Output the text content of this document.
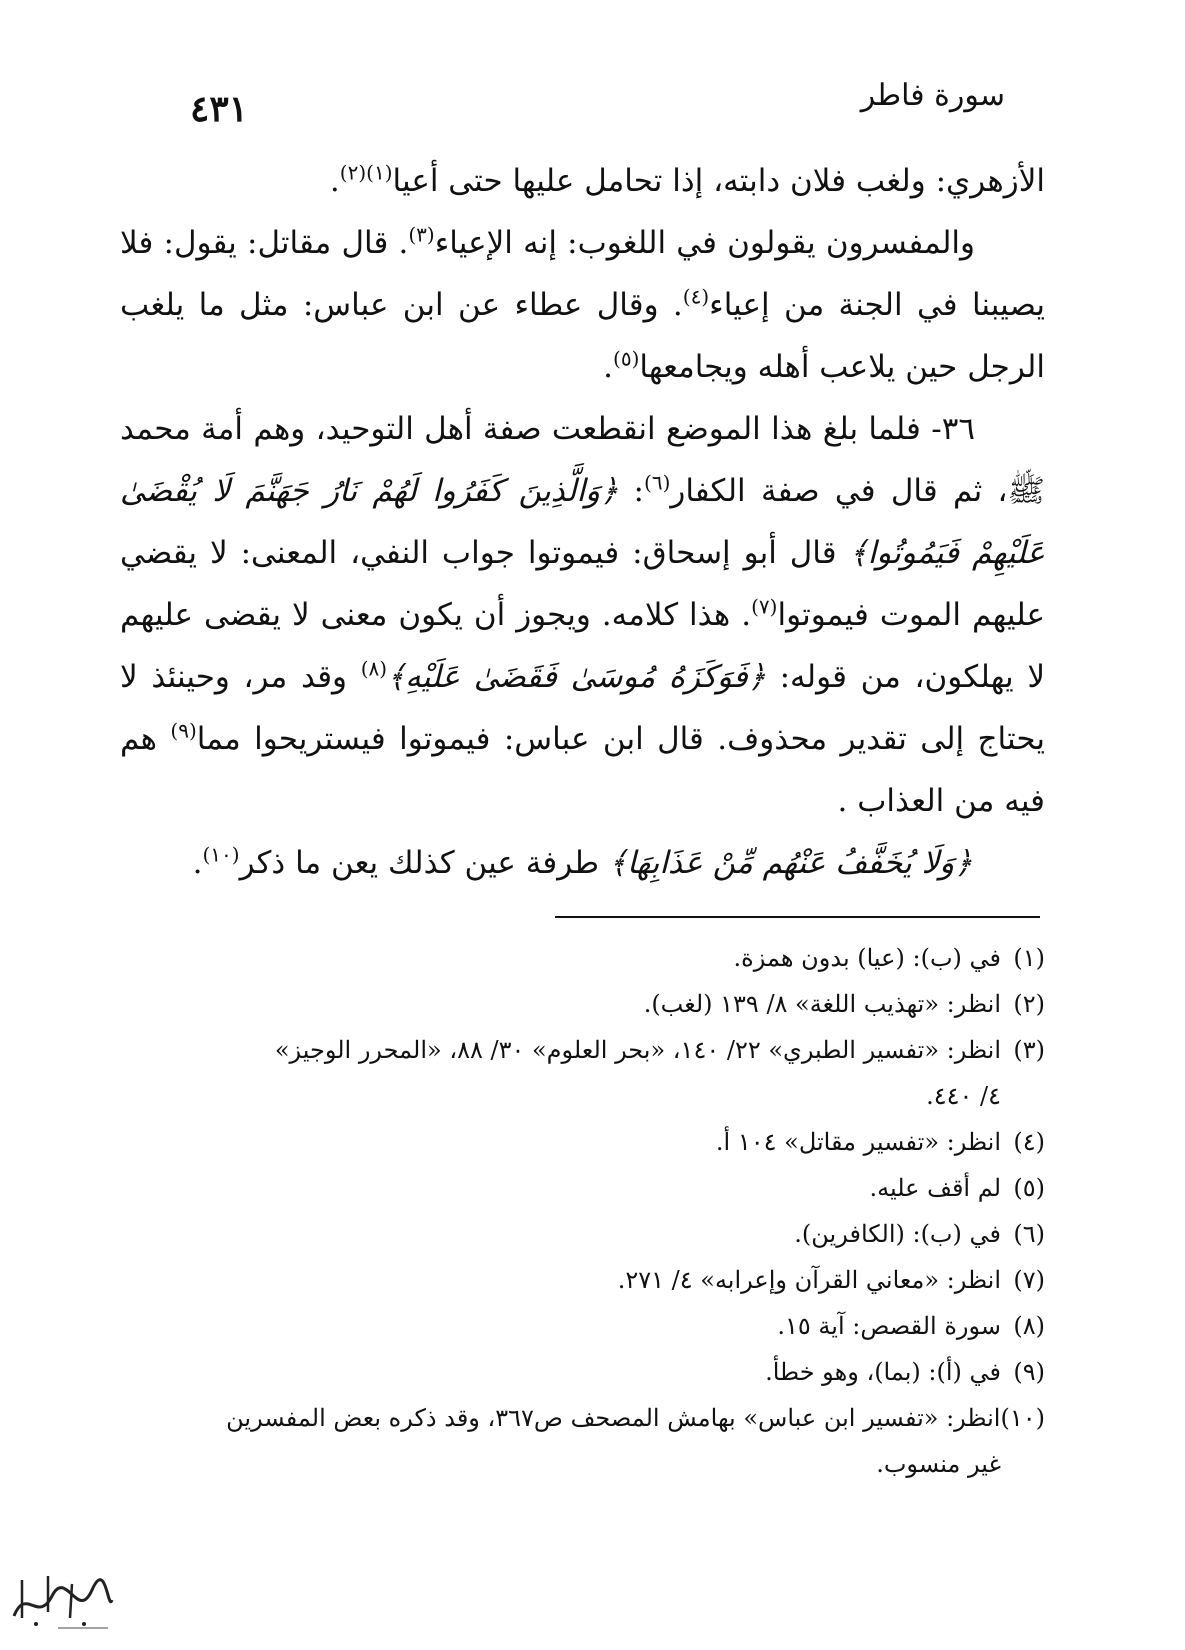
سورة فاطر
٤٣١

الأزهري: ولغب فلان دابته، إذا تحامل عليها حتى أعيا$^{(١)(٢)}$.

والمفسرون يقولون في اللغوب: إنه الإعياء$^{(٣)}$. قال مقاتل: يقول: فلا يصيبنا في الجنة من إعياء$^{(٤)}$. وقال عطاء عن ابن عباس: مثل ما يلغب الرجل حين يلاعب أهله ويجامعها$^{(٥)}$.

٣٦- فلما بلغ هذا الموضع انقطعت صفة أهل التوحيد، وهم أمة محمد ﷺ، ثم قال في صفة الكفار$^{(٦)}$: ﴿وَالَّذِينَ كَفَرُوا لَهُمْ نَارُ جَهَنَّمَ لَا يُقْضَىٰ عَلَيْهِمْ فَيَمُوتُوا﴾ قال أبو إسحاق: فيموتوا جواب النفي، المعنى: لا يقضي عليهم الموت فيموتوا$^{(٧)}$. هذا كلامه. ويجوز أن يكون معنى لا يقضى عليهم لا يهلكون، من قوله: ﴿فَوَكَزَهُ مُوسَىٰ فَقَضَىٰ عَلَيْهِ﴾$^{(٨)}$ وقد مر، وحينئذ لا يحتاج إلى تقدير محذوف. قال ابن عباس: فيموتوا فيستريحوا مما$^{(٩)}$ هم فيه من العذاب .

﴿وَلَا يُخَفَّفُ عَنْهُم مِّنْ عَذَابِهَا﴾ طرفة عين كذلك يعن ما ذكر$^{(١٠)}$.

(١)في (ب): (عيا) بدون همزة.

(٢)انظر: «تهذيب اللغة» ٨/ ١٣٩ (لغب).

(٣)انظر: «تفسير الطبري» ٢٢/ ١٤٠، «بحر العلوم» ٣٠/ ٨٨، «المحرر الوجيز»

٤/ ٤٤٠.

(٤)انظر: «تفسير مقاتل» ١٠٤ أ.

(٥)لم أقف عليه.

(٦)في (ب): (الكافرين).

(٧)انظر: «معاني القرآن وإعرابه» ٤/ ٢٧١.

(٨)سورة القصص: آية ١٥.

(٩)في (أ): (بما)، وهو خطأ.

(١٠)انظر: «تفسير ابن عباس» بهامش المصحف ص٣٦٧، وقد ذكره بعض المفسرين

غير منسوب.
